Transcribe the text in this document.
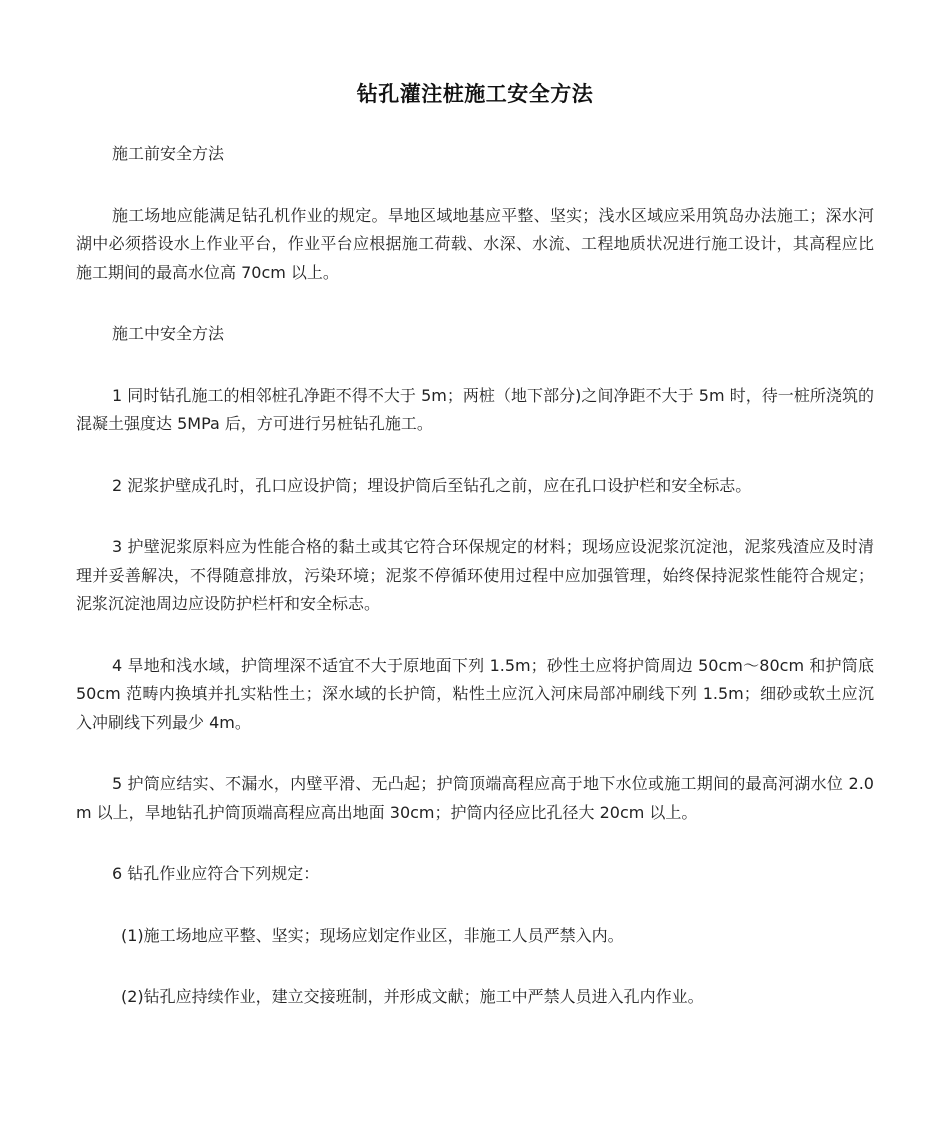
钻孔灌注桩施工安全方法

施工前安全方法

施工场地应能满足钻孔机作业的规定。旱地区域地基应平整、坚实；浅水区域应采用筑岛办法施工；深水河湖中必须搭设水上作业平台，作业平台应根据施工荷载、水深、水流、工程地质状况进行施工设计，其高程应比施工期间的最高水位高 70cm 以上。

施工中安全方法

1 同时钻孔施工的相邻桩孔净距不得不大于 5m；两桩（地下部分)之间净距不大于 5m 时，待一桩所浇筑的混凝土强度达 5MPa 后，方可进行另桩钻孔施工。

2 泥浆护壁成孔时，孔口应设护筒；埋设护筒后至钻孔之前，应在孔口设护栏和安全标志。

3 护壁泥浆原料应为性能合格的黏土或其它符合环保规定的材料；现场应设泥浆沉淀池，泥浆残渣应及时清理并妥善解决，不得随意排放，污染环境；泥浆不停循环使用过程中应加强管理，始终保持泥浆性能符合规定；泥浆沉淀池周边应设防护栏杆和安全标志。

4 旱地和浅水域，护筒埋深不适宜不大于原地面下列 1.5m；砂性土应将护筒周边 50cm～80cm 和护筒底 50cm 范畴内换填并扎实粘性土；深水域的长护筒，粘性土应沉入河床局部冲刷线下列 1.5m；细砂或软土应沉入冲刷线下列最少 4m。

5 护筒应结实、不漏水，内壁平滑、无凸起；护筒顶端高程应高于地下水位或施工期间的最高河湖水位 2.0m 以上，旱地钻孔护筒顶端高程应高出地面 30cm；护筒内径应比孔径大 20cm 以上。

6 钻孔作业应符合下列规定：

(1)施工场地应平整、坚实；现场应划定作业区，非施工人员严禁入内。

(2)钻孔应持续作业，建立交接班制，并形成文献；施工中严禁人员进入孔内作业。
